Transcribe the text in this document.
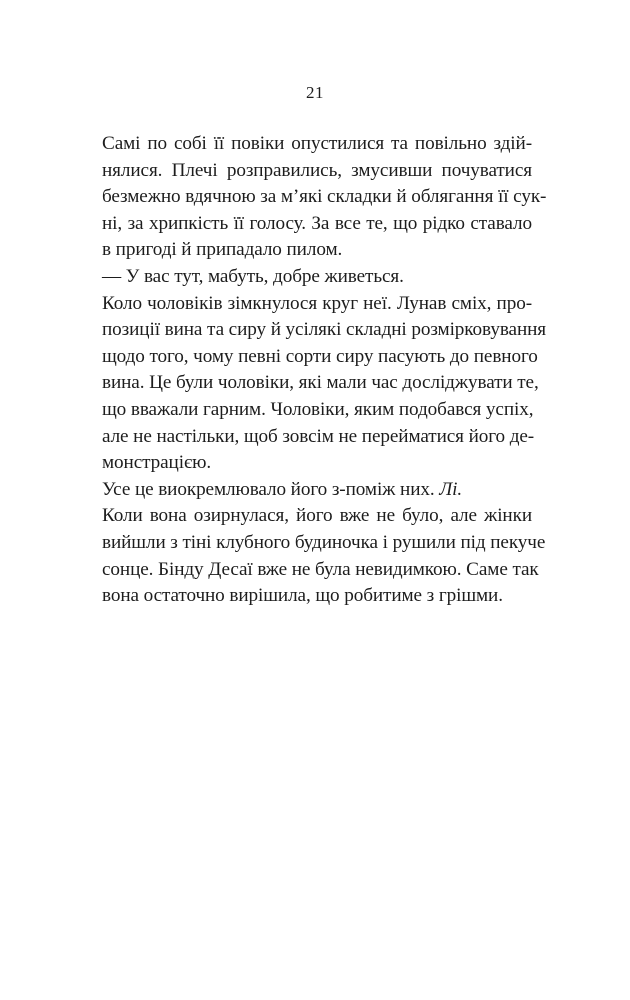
21
Самі по собі її повіки опустилися та повільно здій-
нялися. Плечі розправились, змусивши почуватися
безмежно вдячною за м’які складки й облягання її сук-
ні, за хрипкість її голосу. За все те, що рідко ставало
в пригоді й припадало пилом.
— У вас тут, мабуть, добре живеться.
Коло чоловіків зімкнулося круг неї. Лунав сміх, про-
позиції вина та сиру й усілякі складні розмірковування
щодо того, чому певні сорти сиру пасують до певного
вина. Це були чоловіки, які мали час досліджувати те,
що вважали гарним. Чоловіки, яким подобався успіх,
але не настільки, щоб зовсім не перейматися його де-
монстрацією.
Усе це виокремлювало його з-поміж них. Лі.
Коли вона озирнулася, його вже не було, але жінки
вийшли з тіні клубного будиночка і рушили під пекуче
сонце. Бінду Десаї вже не була невидимкою. Саме так
вона остаточно вирішила, що робитиме з грішми.
